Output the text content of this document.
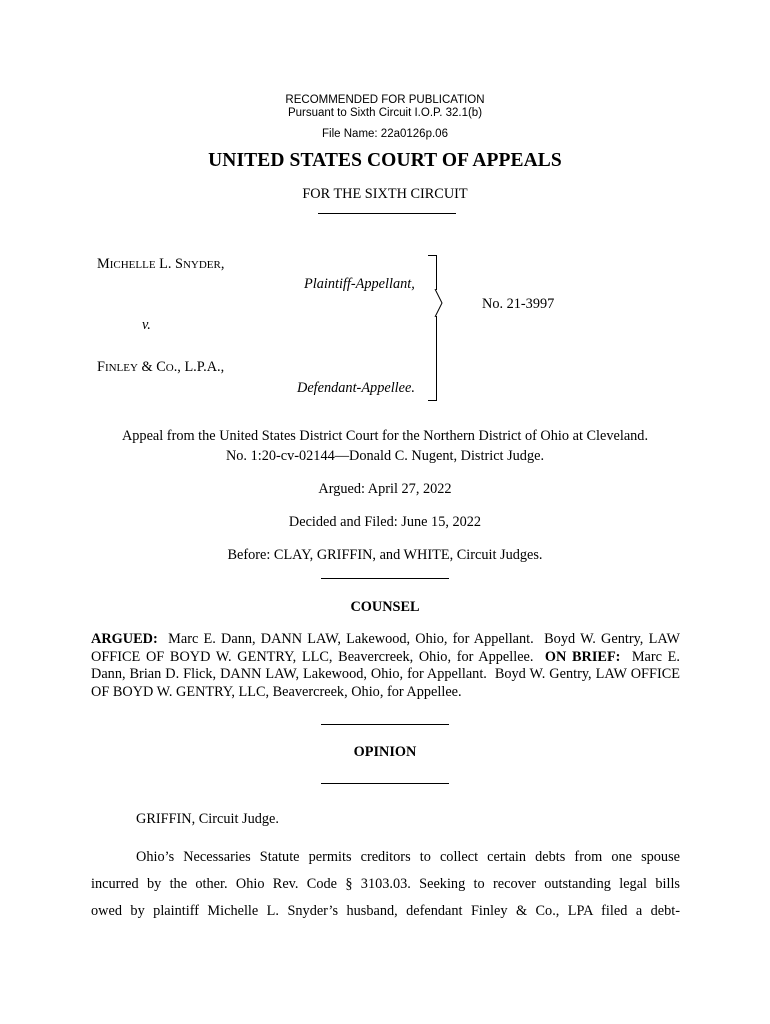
RECOMMENDED FOR PUBLICATION
Pursuant to Sixth Circuit I.O.P. 32.1(b)
File Name: 22a0126p.06
UNITED STATES COURT OF APPEALS
FOR THE SIXTH CIRCUIT
MICHELLE L. SNYDER,
Plaintiff-Appellant,
v.
FINLEY & CO., L.P.A.,
Defendant-Appellee.
No. 21-3997
Appeal from the United States District Court for the Northern District of Ohio at Cleveland.
No. 1:20-cv-02144—Donald C. Nugent, District Judge.
Argued: April 27, 2022
Decided and Filed: June 15, 2022
Before: CLAY, GRIFFIN, and WHITE, Circuit Judges.
COUNSEL
ARGUED:  Marc E. Dann, DANN LAW, Lakewood, Ohio, for Appellant.  Boyd W. Gentry, LAW OFFICE OF BOYD W. GENTRY, LLC, Beavercreek, Ohio, for Appellee.  ON BRIEF:  Marc E. Dann, Brian D. Flick, DANN LAW, Lakewood, Ohio, for Appellant.  Boyd W. Gentry, LAW OFFICE OF BOYD W. GENTRY, LLC, Beavercreek, Ohio, for Appellee.
OPINION
GRIFFIN, Circuit Judge.
Ohio’s Necessaries Statute permits creditors to collect certain debts from one spouse
incurred by the other. Ohio Rev. Code § 3103.03. Seeking to recover outstanding legal bills
owed by plaintiff Michelle L. Snyder’s husband, defendant Finley & Co., LPA filed a debt-
